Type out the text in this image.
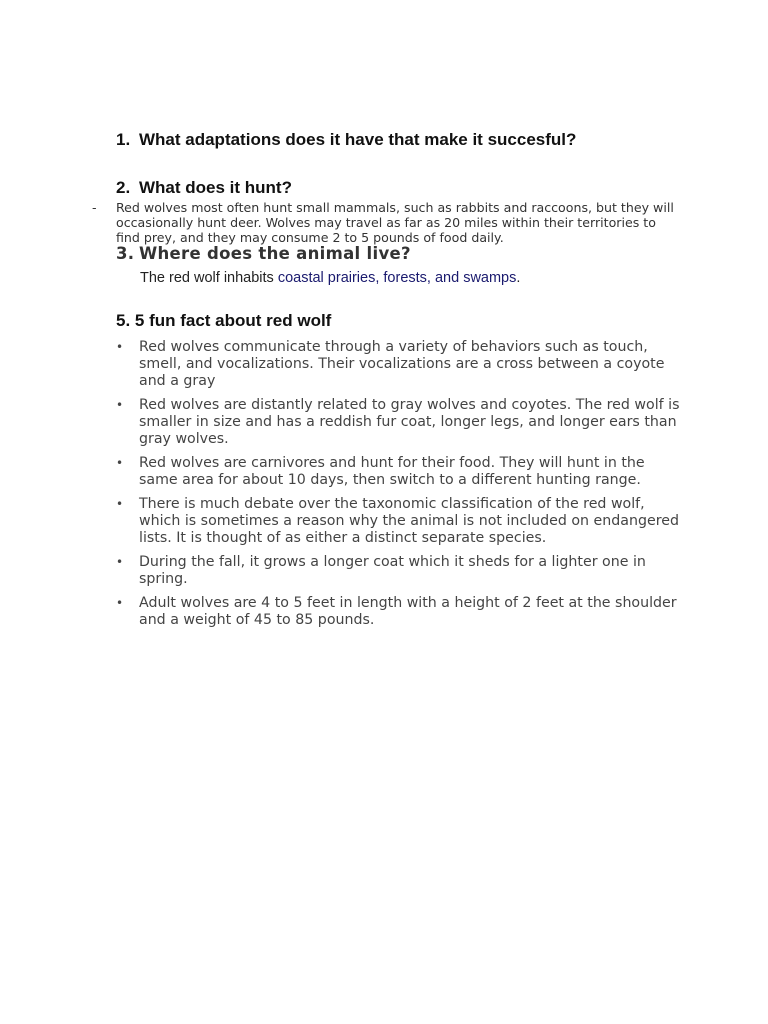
1. What adaptations does it have that make it succesful?
2. What does it hunt?
- Red wolves most often hunt small mammals, such as rabbits and raccoons, but they will occasionally hunt deer. Wolves may travel as far as 20 miles within their territories to find prey, and they may consume 2 to 5 pounds of food daily.

3. Where does the animal live?

The red wolf inhabits coastal prairies, forests, and swamps.

5. 5 fun fact about red wolf
• Red wolves communicate through a variety of behaviors such as touch, smell, and vocalizations. Their vocalizations are a cross between a coyote and a gray
• Red wolves are distantly related to gray wolves and coyotes. The red wolf is smaller in size and has a reddish fur coat, longer legs, and longer ears than gray wolves.
• Red wolves are carnivores and hunt for their food. They will hunt in the same area for about 10 days, then switch to a different hunting range.
• There is much debate over the taxonomic classification of the red wolf, which is sometimes a reason why the animal is not included on endangered lists. It is thought of as either a distinct separate species.
• During the fall, it grows a longer coat which it sheds for a lighter one in spring.
• Adult wolves are 4 to 5 feet in length with a height of 2 feet at the shoulder and a weight of 45 to 85 pounds.
